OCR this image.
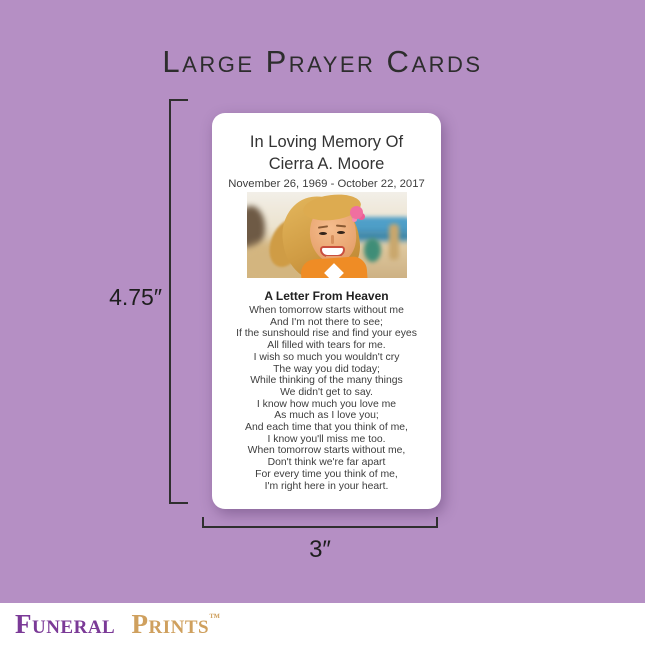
Large Prayer Cards
4.75″
In Loving Memory Of
Cierra A. Moore
November 26, 1969 - October 22, 2017
A Letter From Heaven
When tomorrow starts without me
And I'm not there to see;
If the sunshould rise and find your eyes
All filled with tears for me.
I wish so much you wouldn't cry
The way you did today;
While thinking of the many things
We didn't get to say.
I know how much you love me
As much as I love you;
And each time that you think of me,
I know you'll miss me too.
When tomorrow starts without me,
Don't think we're far apart
For every time you think of me,
I'm right here in your heart.
3″
Funeral Prints™
